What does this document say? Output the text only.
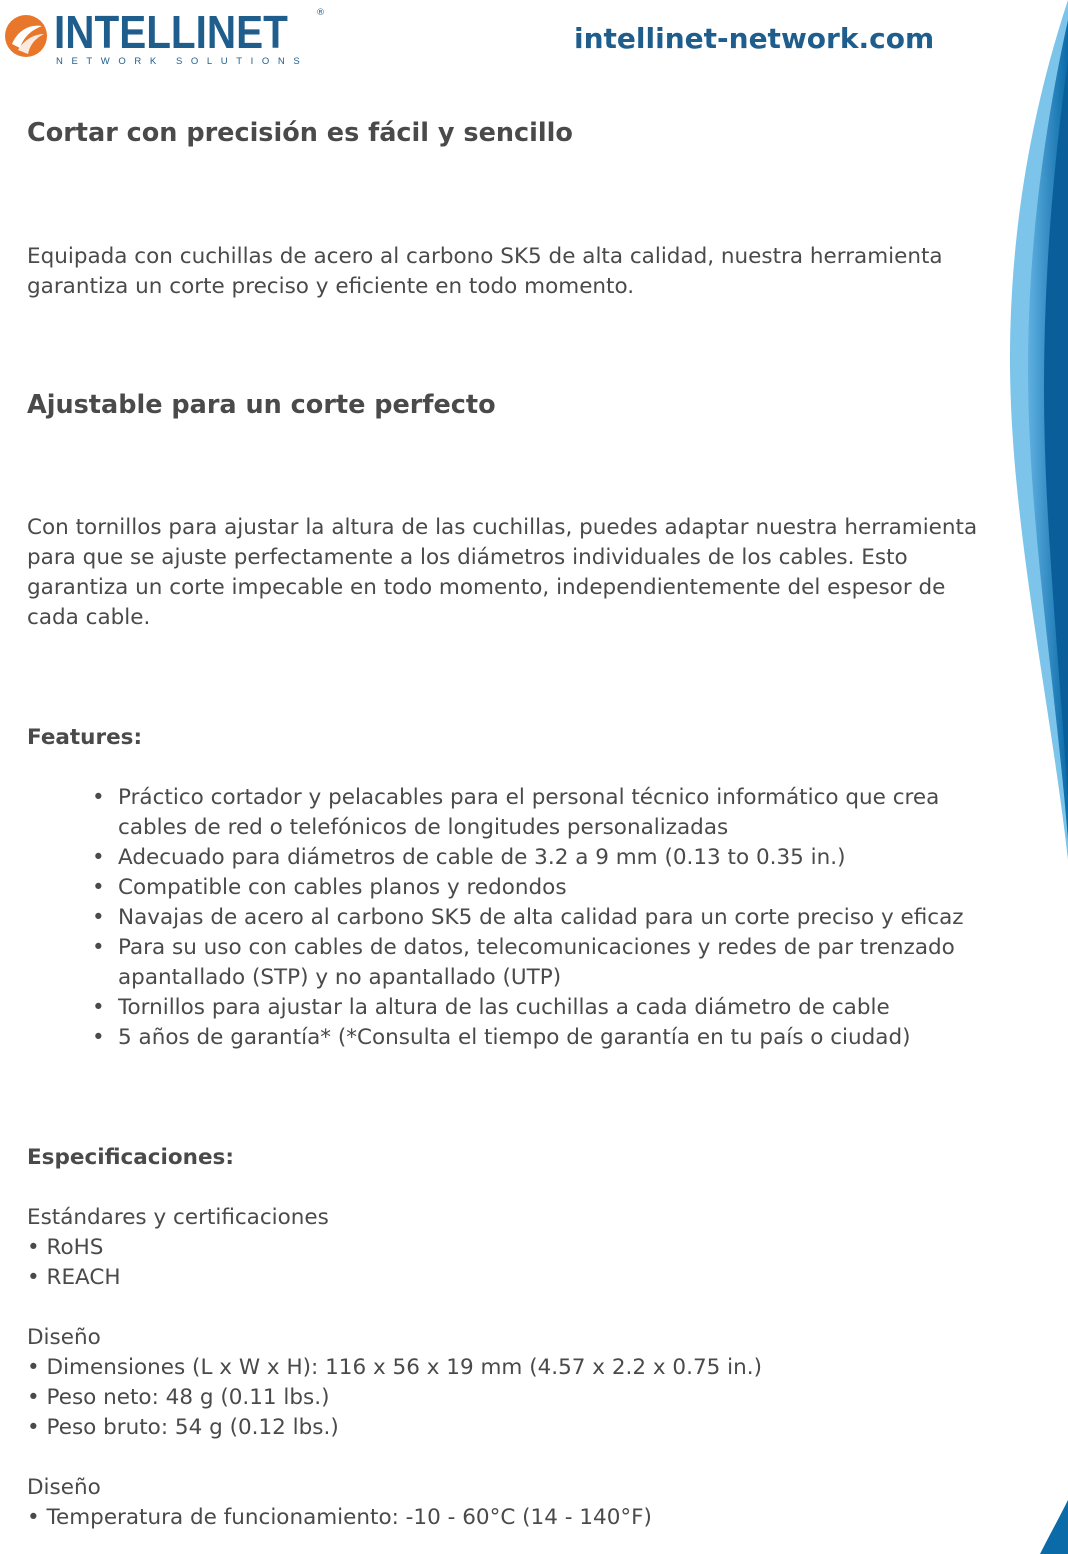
INTELLINET	®
NETWORK SOLUTIONS
intellinet-network.com
Cortar con precisión es fácil y sencillo

Equipada con cuchillas de acero al carbono SK5 de alta calidad, nuestra herramienta garantiza un corte preciso y eficiente en todo momento.

Ajustable para un corte perfecto

Con tornillos para ajustar la altura de las cuchillas, puedes adaptar nuestra herramienta para que se ajuste perfectamente a los diámetros individuales de los cables. Esto garantiza un corte impecable en todo momento, independientemente del espesor de cada cable.

Features:
Especificaciones:
Estándares y certificaciones
• RoHS
• REACH
Diseño
• Dimensiones (L x W x H): 116 x 56 x 19 mm (4.57 x 2.2 x 0.75 in.)
• Peso neto: 48 g (0.11 lbs.)
• Peso bruto: 54 g (0.12 lbs.)
Diseño
• Temperatura de funcionamiento: -10 - 60°C (14 - 140°F)
• Práctico cortador y pelacables para el personal técnico informático que crea cables de red o telefónicos de longitudes personalizadas
• Adecuado para diámetros de cable de 3.2 a 9 mm (0.13 to 0.35 in.)
• Compatible con cables planos y redondos
• Navajas de acero al carbono SK5 de alta calidad para un corte preciso y eficaz
• Para su uso con cables de datos, telecomunicaciones y redes de par trenzado apantallado (STP) y no apantallado (UTP)
• Tornillos para ajustar la altura de las cuchillas a cada diámetro de cable
• 5 años de garantía* (*Consulta el tiempo de garantía en tu país o ciudad)
